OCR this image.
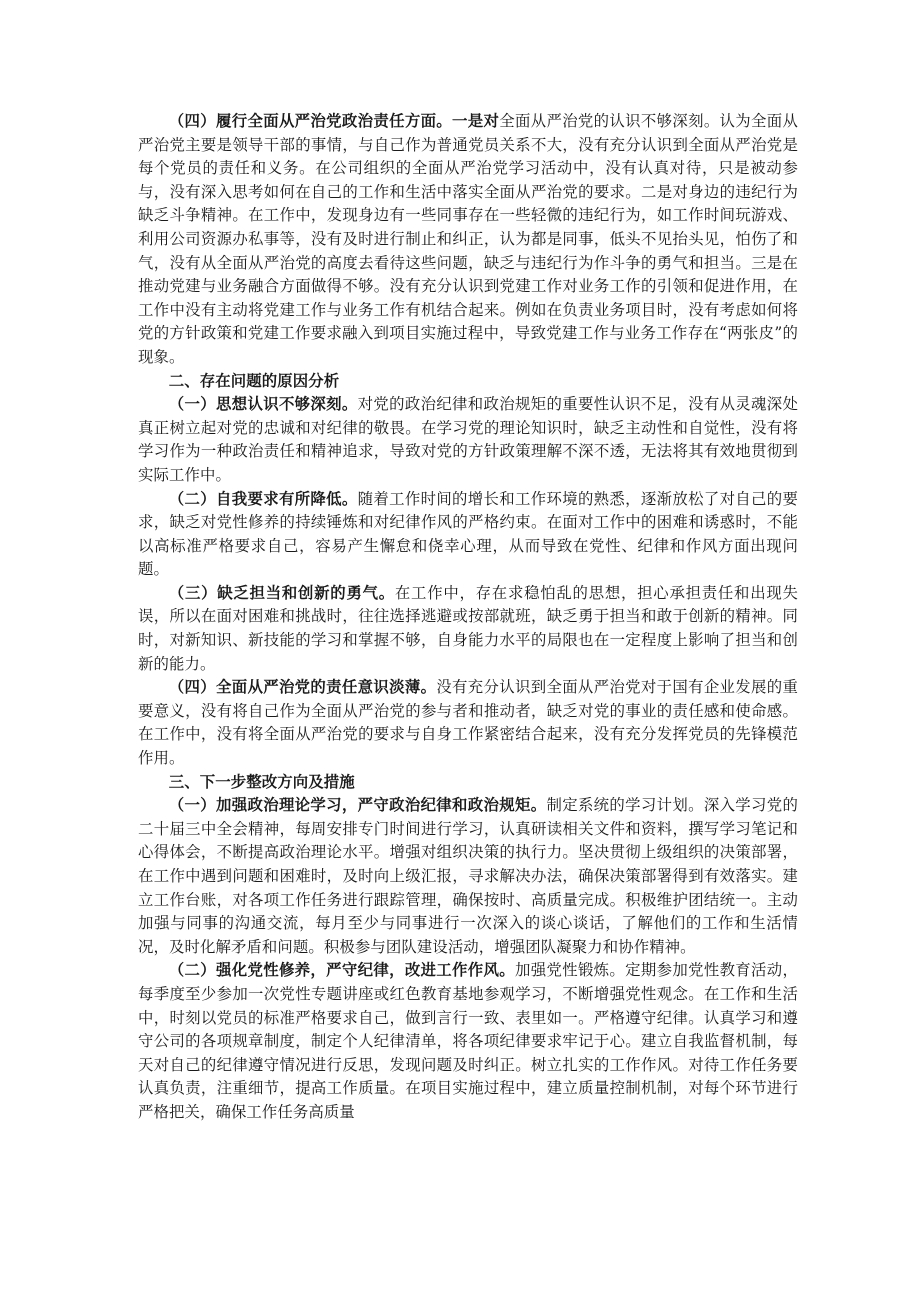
（四）履行全面从严治党政治责任方面。一是对全面从严治党的认识不够深刻。认为全面从严治党主要是领导干部的事情，与自己作为普通党员关系不大，没有充分认识到全面从严治党是每个党员的责任和义务。在公司组织的全面从严治党学习活动中，没有认真对待，只是被动参与，没有深入思考如何在自己的工作和生活中落实全面从严治党的要求。二是对身边的违纪行为缺乏斗争精神。在工作中，发现身边有一些同事存在一些轻微的违纪行为，如工作时间玩游戏、利用公司资源办私事等，没有及时进行制止和纠正，认为都是同事，低头不见抬头见，怕伤了和气，没有从全面从严治党的高度去看待这些问题，缺乏与违纪行为作斗争的勇气和担当。三是在推动党建与业务融合方面做得不够。没有充分认识到党建工作对业务工作的引领和促进作用，在工作中没有主动将党建工作与业务工作有机结合起来。例如在负责业务项目时，没有考虑如何将党的方针政策和党建工作要求融入到项目实施过程中，导致党建工作与业务工作存在“两张皮”的现象。

二、存在问题的原因分析

（一）思想认识不够深刻。对党的政治纪律和政治规矩的重要性认识不足，没有从灵魂深处真正树立起对党的忠诚和对纪律的敬畏。在学习党的理论知识时，缺乏主动性和自觉性，没有将学习作为一种政治责任和精神追求，导致对党的方针政策理解不深不透，无法将其有效地贯彻到实际工作中。

（二）自我要求有所降低。随着工作时间的增长和工作环境的熟悉，逐渐放松了对自己的要求，缺乏对党性修养的持续锤炼和对纪律作风的严格约束。在面对工作中的困难和诱惑时，不能以高标准严格要求自己，容易产生懈怠和侥幸心理，从而导致在党性、纪律和作风方面出现问题。

（三）缺乏担当和创新的勇气。在工作中，存在求稳怕乱的思想，担心承担责任和出现失误，所以在面对困难和挑战时，往往选择逃避或按部就班，缺乏勇于担当和敢于创新的精神。同时，对新知识、新技能的学习和掌握不够，自身能力水平的局限也在一定程度上影响了担当和创新的能力。

（四）全面从严治党的责任意识淡薄。没有充分认识到全面从严治党对于国有企业发展的重要意义，没有将自己作为全面从严治党的参与者和推动者，缺乏对党的事业的责任感和使命感。在工作中，没有将全面从严治党的要求与自身工作紧密结合起来，没有充分发挥党员的先锋模范作用。

三、下一步整改方向及措施

（一）加强政治理论学习，严守政治纪律和政治规矩。制定系统的学习计划。深入学习党的二十届三中全会精神，每周安排专门时间进行学习，认真研读相关文件和资料，撰写学习笔记和心得体会，不断提高政治理论水平。增强对组织决策的执行力。坚决贯彻上级组织的决策部署，在工作中遇到问题和困难时，及时向上级汇报，寻求解决办法，确保决策部署得到有效落实。建立工作台账，对各项工作任务进行跟踪管理，确保按时、高质量完成。积极维护团结统一。主动加强与同事的沟通交流，每月至少与同事进行一次深入的谈心谈话，了解他们的工作和生活情况，及时化解矛盾和问题。积极参与团队建设活动，增强团队凝聚力和协作精神。

（二）强化党性修养，严守纪律，改进工作作风。加强党性锻炼。定期参加党性教育活动，每季度至少参加一次党性专题讲座或红色教育基地参观学习，不断增强党性观念。在工作和生活中，时刻以党员的标准严格要求自己，做到言行一致、表里如一。严格遵守纪律。认真学习和遵守公司的各项规章制度，制定个人纪律清单，将各项纪律要求牢记于心。建立自我监督机制，每天对自己的纪律遵守情况进行反思，发现问题及时纠正。树立扎实的工作作风。对待工作任务要认真负责，注重细节，提高工作质量。在项目实施过程中，建立质量控制机制，对每个环节进行严格把关，确保工作任务高质量
